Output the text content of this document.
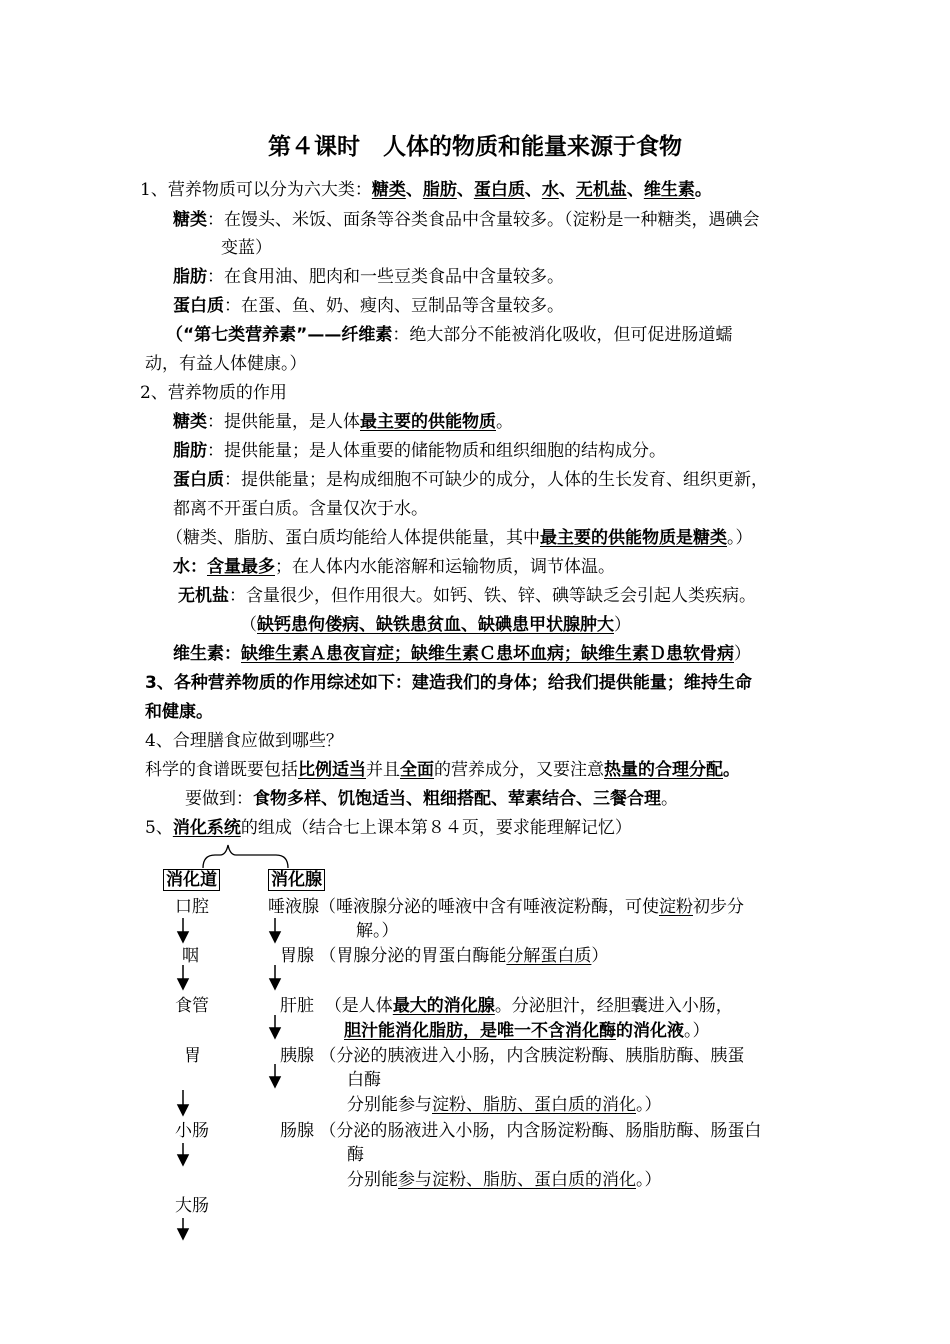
第４课时　人体的物质和能量来源于食物
1、营养物质可以分为六大类：糖类、脂肪、蛋白质、水、无机盐、维生素。
糖类：在馒头、米饭、面条等谷类食品中含量较多。（淀粉是一种糖类，遇碘会
变蓝）
脂肪：在食用油、肥肉和一些豆类食品中含量较多。
蛋白质：在蛋、鱼、奶、瘦肉、豆制品等含量较多。
（“第七类营养素”——纤维素：绝大部分不能被消化吸收，但可促进肠道蠕
动，有益人体健康。）
2、营养物质的作用
糖类：提供能量，是人体最主要的供能物质。
脂肪：提供能量；是人体重要的储能物质和组织细胞的结构成分。
蛋白质：提供能量；是构成细胞不可缺少的成分，人体的生长发育、组织更新，
都离不开蛋白质。含量仅次于水。
（糖类、脂肪、蛋白质均能给人体提供能量，其中最主要的供能物质是糖类。）
水：含量最多；在人体内水能溶解和运输物质，调节体温。
无机盐：含量很少，但作用很大。如钙、铁、锌、碘等缺乏会引起人类疾病。
（缺钙患佝偻病、缺铁患贫血、缺碘患甲状腺肿大）
维生素：缺维生素Ａ患夜盲症；缺维生素Ｃ患坏血病；缺维生素Ｄ患软骨病）
3、各种营养物质的作用综述如下：建造我们的身体；给我们提供能量；维持生命
和健康。
4、合理膳食应做到哪些？
科学的食谱既要包括比例适当并且全面的营养成分，又要注意热量的合理分配。
要做到：食物多样、饥饱适当、粗细搭配、荤素结合、三餐合理。
5、消化系统的组成（结合七上课本第８４页，要求能理解记忆）
消化道	消化腺
口腔
咽
食管
胃
小肠
大肠
唾液腺（唾液腺分泌的唾液中含有唾液淀粉酶，可使淀粉初步分
解。）
胃腺 （胃腺分泌的胃蛋白酶能分解蛋白质）
肝脏 （是人体最大的消化腺。分泌胆汁，经胆囊进入小肠，
胆汁能消化脂肪，是唯一不含消化酶的消化液。）
胰腺 （分泌的胰液进入小肠，内含胰淀粉酶、胰脂肪酶、胰蛋
白酶
分别能参与淀粉、脂肪、蛋白质的消化。）
肠腺 （分泌的肠液进入小肠，内含肠淀粉酶、肠脂肪酶、肠蛋白
酶
分别能参与淀粉、脂肪、蛋白质的消化。）
